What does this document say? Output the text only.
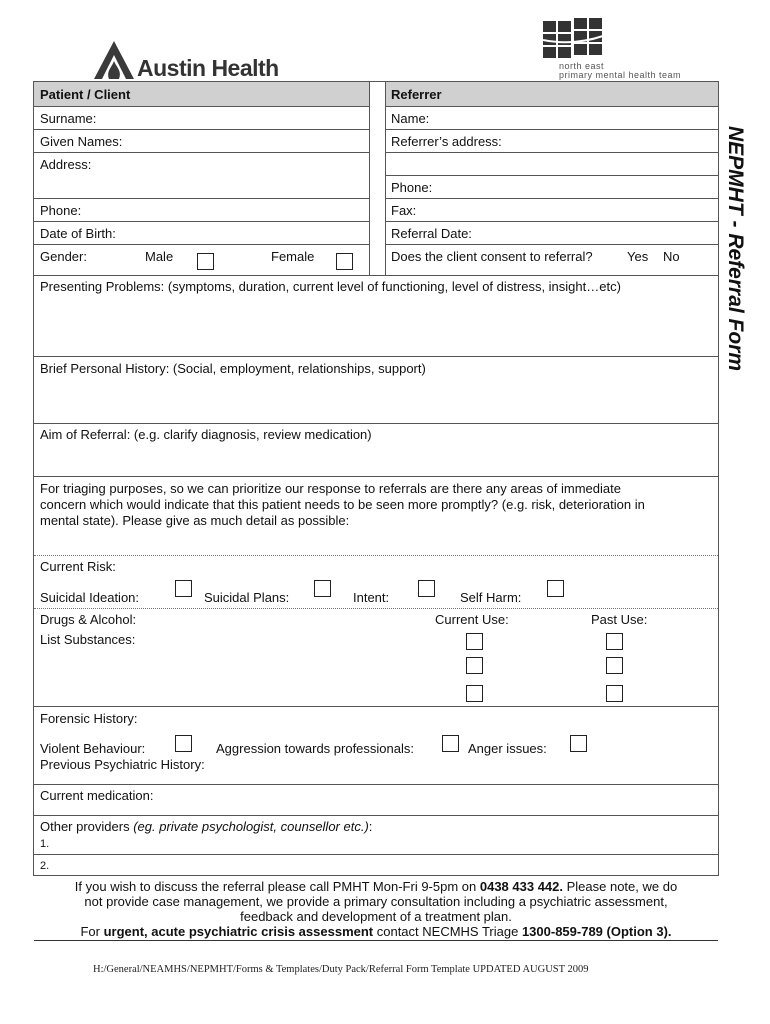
Austin Health	north east
primary mental health team
NEPMHT - Referral Form
Patient / Client	Referrer
Surname:
Given Names:
Address:
Phone:
Date of Birth:
Gender:	Male	Female
Name:
Referrer’s address:
Phone:
Fax:
Referral Date:
Does the client consent to referral?	Yes No
Presenting Problems: (symptoms, duration, current level of functioning, level of distress, insight…etc)
Brief Personal History: (Social, employment, relationships, support)
Aim of Referral: (e.g. clarify diagnosis, review medication)
For triaging purposes, so we can prioritize our response to referrals are there any areas of immediate
concern which would indicate that this patient needs to be seen more promptly? (e.g. risk, deterioration in
mental state). Please give as much detail as possible:
Current Risk:
Suicidal Ideation:	Suicidal Plans:	Intent:	Self Harm:
Drugs & Alcohol:	Current Use:	Past Use:
List Substances:
Forensic History:
Violent Behaviour:	Aggression towards professionals:	Anger issues:
Previous Psychiatric History:
Current medication:
Other providers (eg. private psychologist, counsellor etc.):
1.
2.
If you wish to discuss the referral please call PMHT Mon-Fri 9-5pm on 0438 433 442. Please note, we do
not provide case management, we provide a primary consultation including a psychiatric assessment,
feedback and development of a treatment plan.
For urgent, acute psychiatric crisis assessment contact NECMHS Triage 1300-859-789 (Option 3).
H:/General/NEAMHS/NEPMHT/Forms & Templates/Duty Pack/Referral Form Template UPDATED AUGUST 2009
